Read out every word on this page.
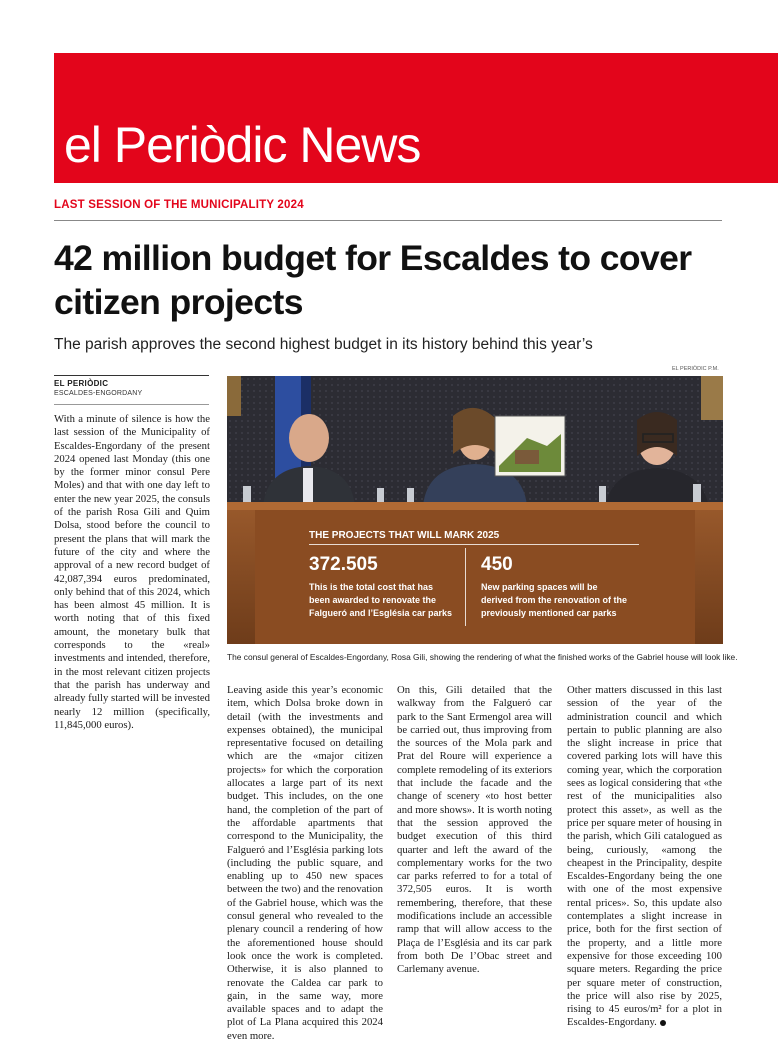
el Periòdic News
LAST SESSION OF THE MUNICIPALITY 2024
42 million budget for Escaldes to cover citizen projects
The parish approves the second highest budget in its history behind this year’s
EL PERIÒDIC
ESCALDES-ENGORDANY
EL PERIÒDIC P.M.
THE PROJECTS THAT WILL MARK 2025
372.505
This is the total cost that has
been awarded to renovate the
Falgueró and l’Església car parks
450
New parking spaces will be
derived from the renovation of the
previously mentioned car parks
The consul general of Escaldes-Engordany, Rosa Gili, showing the rendering of what the finished works of the Gabriel house will look like.

With a minute of silence is how the last session of the Municipality of Escaldes-Engordany of the present 2024 opened last Monday (this one by the former minor consul Pere Moles) and that with one day left to enter the new year 2025, the consuls of the parish Rosa Gili and Quim Dolsa, stood before the council to present the plans that will mark the future of the city and where the approval of a new record budget of 42,087,394 euros predominated, only behind that of this 2024, which has been almost 45 million. It is worth noting that of this fixed amount, the monetary bulk that corresponds to the «real» investments and intended, therefore, in the most relevant citizen projects that the parish has underway and already fully started will be invested nearly 12 million (specifically, 11,845,000 euros).

Leaving aside this year’s economic item, which Dolsa broke down in detail (with the investments and expenses obtained), the municipal representative focused on detailing which are the «major citizen projects» for which the corporation allocates a large part of its next budget. This includes, on the one hand, the completion of the part of the affordable apartments that correspond to the Municipality, the Falgueró and l’Església parking lots (including the public square, and enabling up to 450 new spaces between the two) and the renovation of the Gabriel house, which was the consul general who revealed to the plenary council a rendering of how the aforementioned house should look once the work is completed. Otherwise, it is also planned to renovate the Caldea car park to gain, in the same way, more available spaces and to adapt the plot of La Plana acquired this 2024 even more.

On this, Gili detailed that the walkway from the Falgueró car park to the Sant Ermengol area will be carried out, thus improving from the sources of the Mola park and Prat del Roure will experience a complete remodeling of its exteriors that include the facade and the change of scenery «to host better and more shows». It is worth noting that the session approved the budget execution of this third quarter and left the award of the complementary works for the two car parks referred to for a total of 372,505 euros. It is worth remembering, therefore, that these modifications include an accessible ramp that will allow access to the Plaça de l’Església and its car park from both De l’Obac street and Carlemany avenue.

Other matters discussed in this last session of the year of the administration council and which pertain to public planning are also the slight increase in price that covered parking lots will have this coming year, which the corporation sees as logical considering that «the rest of the municipalities also protect this asset», as well as the price per square meter of housing in the parish, which Gili catalogued as being, curiously, «among the cheapest in the Principality, despite Escaldes-Engordany being the one with one of the most expensive rental prices». So, this update also contemplates a slight increase in price, both for the first section of the property, and a little more expensive for those exceeding 100 square meters. Regarding the price per square meter of construction, the price will also rise by 2025, rising to 45 euros/m² for a plot in Escaldes-Engordany.
